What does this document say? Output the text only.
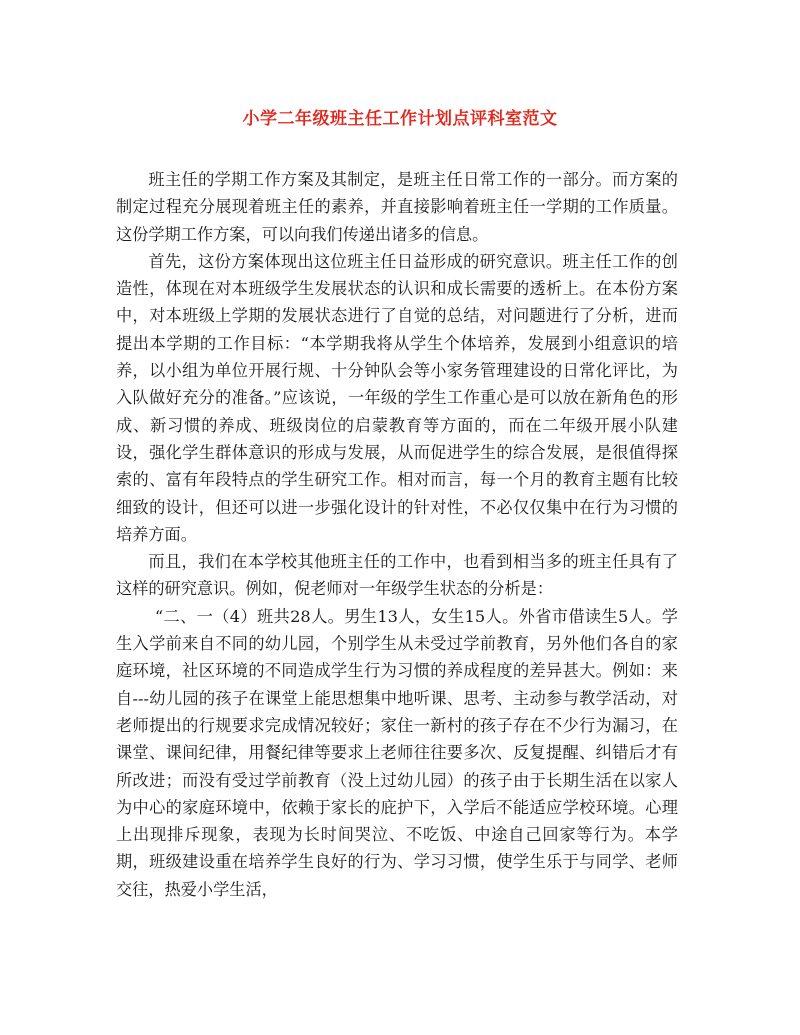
小学二年级班主任工作计划点评科室范文

班主任的学期工作方案及其制定，是班主任日常工作的一部分。而方案的制定过程充分展现着班主任的素养，并直接影响着班主任一学期的工作质量。这份学期工作方案，可以向我们传递出诸多的信息。

首先，这份方案体现出这位班主任日益形成的研究意识。班主任工作的创造性，体现在对本班级学生发展状态的认识和成长需要的透析上。在本份方案中，对本班级上学期的发展状态进行了自觉的总结，对问题进行了分析，进而提出本学期的工作目标：“本学期我将从学生个体培养，发展到小组意识的培养，以小组为单位开展行规、十分钟队会等小家务管理建设的日常化评比，为入队做好充分的准备。”应该说，一年级的学生工作重心是可以放在新角色的形成、新习惯的养成、班级岗位的启蒙教育等方面的，而在二年级开展小队建设，强化学生群体意识的形成与发展，从而促进学生的综合发展，是很值得探索的、富有年段特点的学生研究工作。相对而言，每一个月的教育主题有比较细致的设计，但还可以进一步强化设计的针对性，不必仅仅集中在行为习惯的培养方面。

而且，我们在本学校其他班主任的工作中，也看到相当多的班主任具有了这样的研究意识。例如，倪老师对一年级学生状态的分析是：

“二、一（4）班共28人。男生13人，女生15人。外省市借读生5人。学生入学前来自不同的幼儿园，个别学生从未受过学前教育，另外他们各自的家庭环境，社区环境的不同造成学生行为习惯的养成程度的差异甚大。例如：来自---幼儿园的孩子在课堂上能思想集中地听课、思考、主动参与教学活动，对老师提出的行规要求完成情况较好；家住一新村的孩子存在不少行为漏习，在课堂、课间纪律，用餐纪律等要求上老师往往要多次、反复提醒、纠错后才有所改进；而没有受过学前教育（没上过幼儿园）的孩子由于长期生活在以家人为中心的家庭环境中，依赖于家长的庇护下，入学后不能适应学校环境。心理上出现排斥现象，表现为长时间哭泣、不吃饭、中途自己回家等行为。本学期，班级建设重在培养学生良好的行为、学习习惯，使学生乐于与同学、老师交往，热爱小学生活，
